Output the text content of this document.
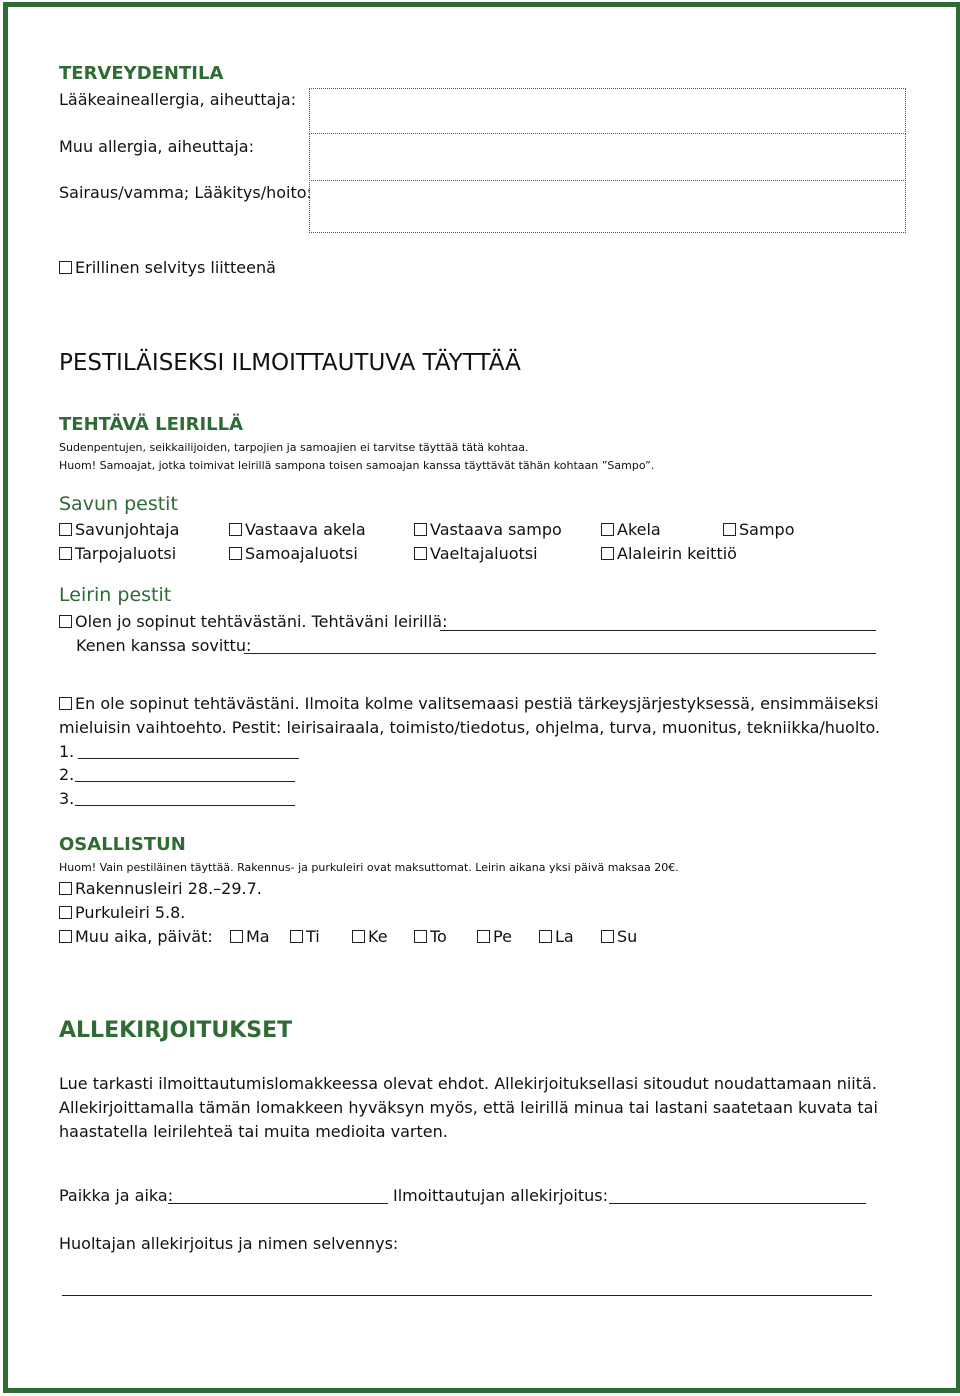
TERVEYDENTILA
Lääkeaineallergia, aiheuttaja:
Muu allergia, aiheuttaja:
Sairaus/vamma; Lääkitys/hoito:
Erillinen selvitys liitteenä
PESTILÄISEKSI ILMOITTAUTUVA TÄYTTÄÄ
TEHTÄVÄ LEIRILLÄ
Sudenpentujen, seikkailijoiden, tarpojien ja samoajien ei tarvitse täyttää tätä kohtaa.
Huom! Samoajat, jotka toimivat leirillä sampona toisen samoajan kanssa täyttävät tähän kohtaan ”Sampo”.
Savun pestit
Savunjohtaja	Vastaava akela	Vastaava sampo	Akela	Sampo
Tarpojaluotsi	Samoajaluotsi	Vaeltajaluotsi	Alaleirin keittiö
Leirin pestit
Olen jo sopinut tehtävästäni. Tehtäväni leirillä:
Kenen kanssa sovittu:
En ole sopinut tehtävästäni. Ilmoita kolme valitsemaasi pestiä tärkeysjärjestyksessä, ensimmäiseksi
mieluisin vaihtoehto. Pestit: leirisairaala, toimisto/tiedotus, ohjelma, turva, muonitus, tekniikka/huolto.
1.
2.
3.
OSALLISTUN
Huom! Vain pestiläinen täyttää. Rakennus- ja purkuleiri ovat maksuttomat. Leirin aikana yksi päivä maksaa 20€.
Rakennusleiri 28.–29.7.
Purkuleiri 5.8.
Muu aika, päivät:	Ma	Ti	Ke	To	Pe	La	Su
ALLEKIRJOITUKSET
Lue tarkasti ilmoittautumislomakkeessa olevat ehdot. Allekirjoituksellasi sitoudut noudattamaan niitä.
Allekirjoittamalla tämän lomakkeen hyväksyn myös, että leirillä minua tai lastani saatetaan kuvata tai
haastatella leirilehteä tai muita medioita varten.
Paikka ja aika:	Ilmoittautujan allekirjoitus:
Huoltajan allekirjoitus ja nimen selvennys:
